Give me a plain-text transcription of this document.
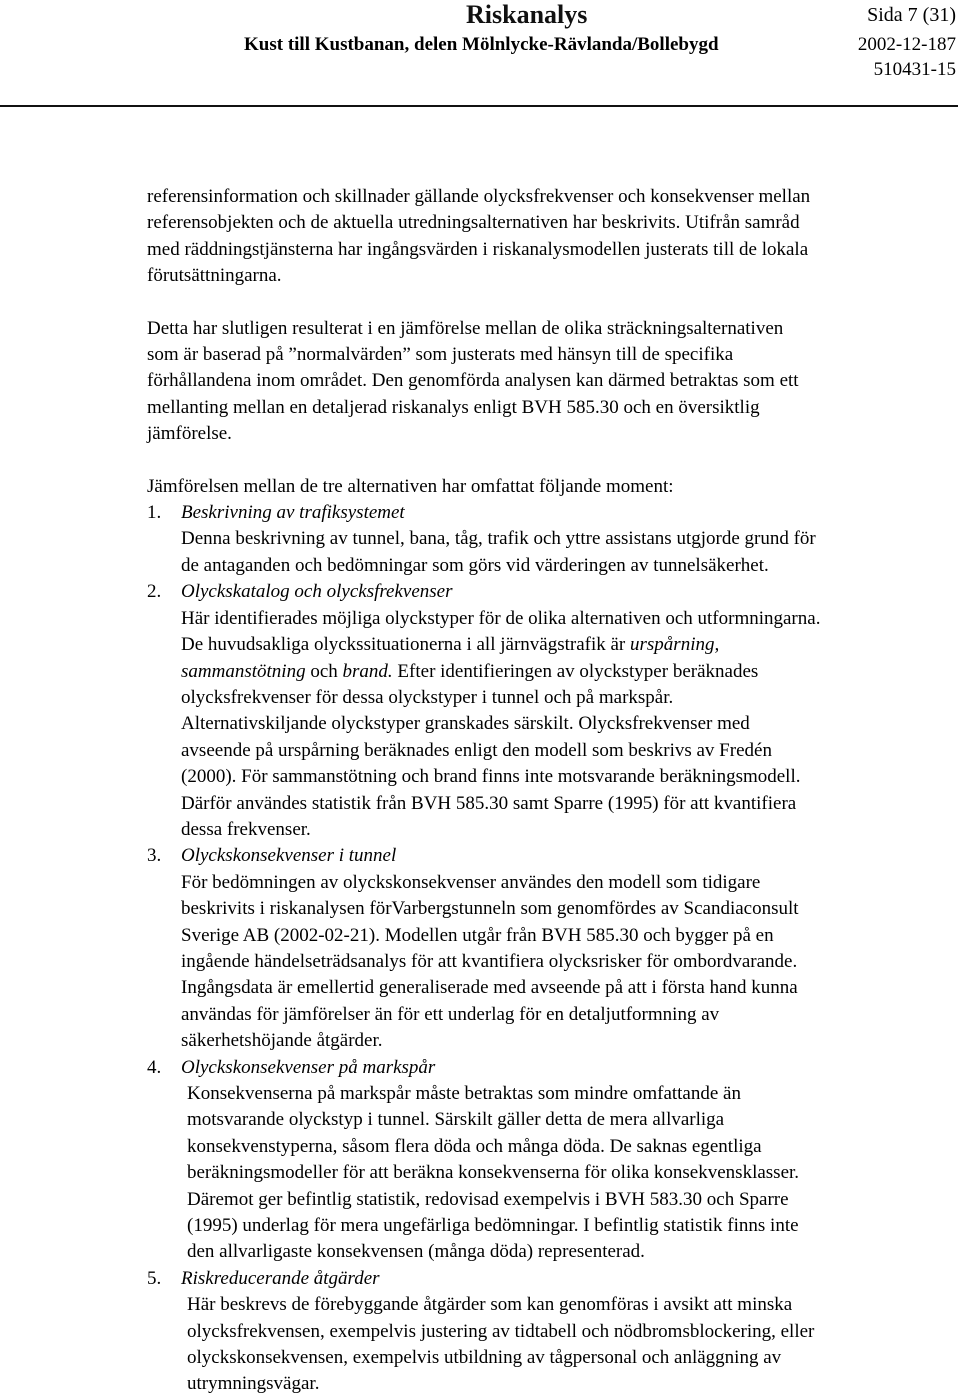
Riskanalys	Sida 7 (31)
Kust till Kustbanan, delen Mölnlycke-Rävlanda/Bollebygd	2002-12-187
510431-15

referensinformation och skillnader gällande olycksfrekvenser och konsekvenser mellan
referensobjekten och de aktuella utredningsalternativen har beskrivits. Utifrån samråd
med räddningstjänsterna har ingångsvärden i riskanalysmodellen justerats till de lokala
förutsättningarna.

Detta har slutligen resulterat i en jämförelse mellan de olika sträckningsalternativen
som är baserad på ”normalvärden” som justerats med hänsyn till de specifika
förhållandena inom området. Den genomförda analysen kan därmed betraktas som ett
mellanting mellan en detaljerad riskanalys enligt BVH 585.30 och en översiktlig
jämförelse.

Jämförelsen mellan de tre alternativen har omfattat följande moment:

1. Beskrivning av trafiksystemet
Denna beskrivning av tunnel, bana, tåg, trafik och yttre assistans utgjorde grund för
de antaganden och bedömningar som görs vid värderingen av tunnelsäkerhet.
2. Olyckskatalog och olycksfrekvenser
Här identifierades möjliga olyckstyper för de olika alternativen och utformningarna.
De huvudsakliga olyckssituationerna i all järnvägstrafik är urspårning,
sammanstötning och brand. Efter identifieringen av olyckstyper beräknades
olycksfrekvenser för dessa olyckstyper i tunnel och på markspår.
Alternativskiljande olyckstyper granskades särskilt. Olycksfrekvenser med
avseende på urspårning beräknades enligt den modell som beskrivs av Fredén
(2000). För sammanstötning och brand finns inte motsvarande beräkningsmodell.
Därför användes statistik från BVH 585.30 samt Sparre (1995) för att kvantifiera
dessa frekvenser.
3. Olyckskonsekvenser i tunnel
För bedömningen av olyckskonsekvenser användes den modell som tidigare
beskrivits i riskanalysen förVarbergstunneln som genomfördes av Scandiaconsult
Sverige AB (2002-02-21). Modellen utgår från BVH 585.30 och bygger på en
ingående händelseträdsanalys för att kvantifiera olycksrisker för ombordvarande.
Ingångsdata är emellertid generaliserade med avseende på att i första hand kunna
användas för jämförelser än för ett underlag för en detaljutformning av
säkerhetshöjande åtgärder.
4. Olyckskonsekvenser på markspår
Konsekvenserna på markspår måste betraktas som mindre omfattande än
motsvarande olyckstyp i tunnel. Särskilt gäller detta de mera allvarliga
konsekvenstyperna, såsom flera döda och många döda. De saknas egentliga
beräkningsmodeller för att beräkna konsekvenserna för olika konsekvensklasser.
Däremot ger befintlig statistik, redovisad exempelvis i BVH 583.30 och Sparre
(1995) underlag för mera ungefärliga bedömningar. I befintlig statistik finns inte
den allvarligaste konsekvensen (många döda) representerad.
5. Riskreducerande åtgärder
Här beskrevs de förebyggande åtgärder som kan genomföras i avsikt att minska
olycksfrekvensen, exempelvis justering av tidtabell och nödbromsblockering, eller
olyckskonsekvensen, exempelvis utbildning av tågpersonal och anläggning av
utrymningsvägar.
